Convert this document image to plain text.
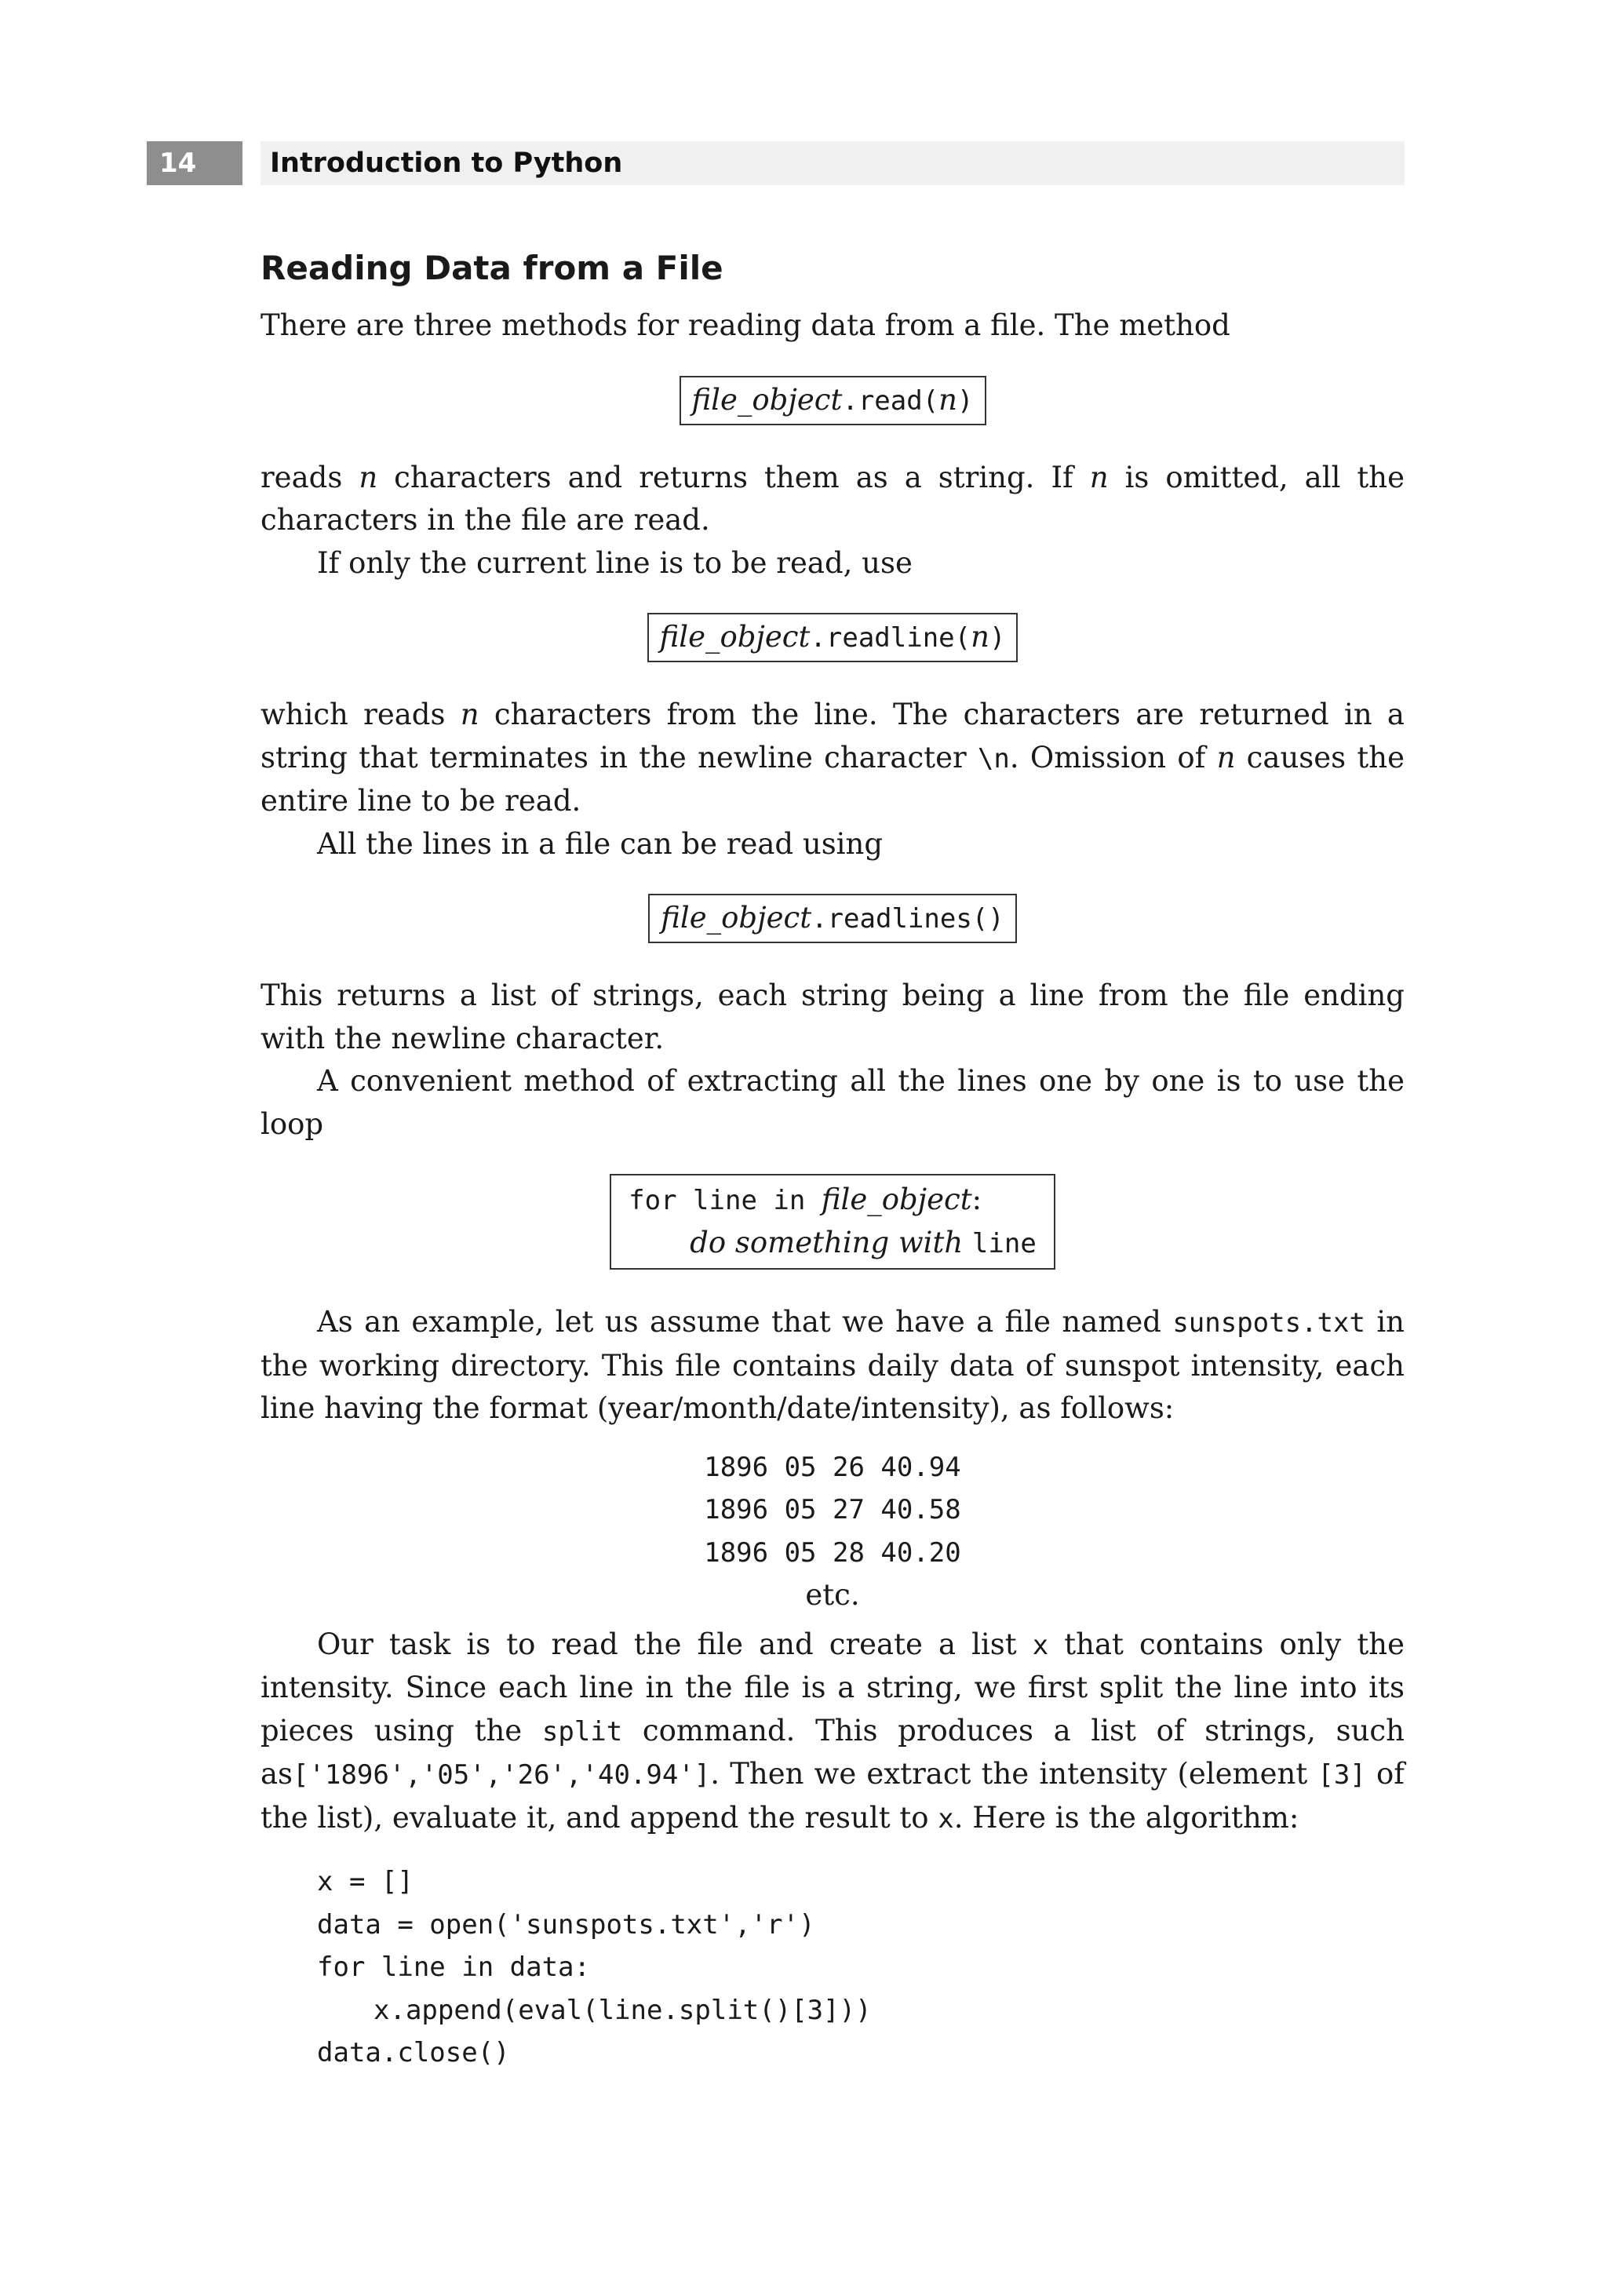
14	Introduction to Python
Reading Data from a File

There are three methods for reading data from a file. The method

file_object.read(n)

reads n characters and returns them as a string. If n is omitted, all the characters in the file are read.

If only the current line is to be read, use

file_object.readline(n)

which reads n characters from the line. The characters are returned in a string that terminates in the newline character \n. Omission of n causes the entire line to be read.

All the lines in a file can be read using

file_object.readlines()

This returns a list of strings, each string being a line from the file ending with the newline character.

A convenient method of extracting all the lines one by one is to use the loop

for line in file_object:
do something with line

As an example, let us assume that we have a file named sunspots.txt in the working directory. This file contains daily data of sunspot intensity, each line having the format (year/month/date/intensity), as follows:

1896 05 26 40.94
1896 05 27 40.58
1896 05 28 40.20
etc.

Our task is to read the file and create a list x that contains only the intensity. Since each line in the file is a string, we first split the line into its pieces using the split command. This produces a list of strings, such as['1896','05','26','40.94']. Then we extract the intensity (element [3] of the list), evaluate it, and append the result to x. Here is the algorithm:

x = []
data = open('sunspots.txt','r')
for line in data:
x.append(eval(line.split()[3]))
data.close()
